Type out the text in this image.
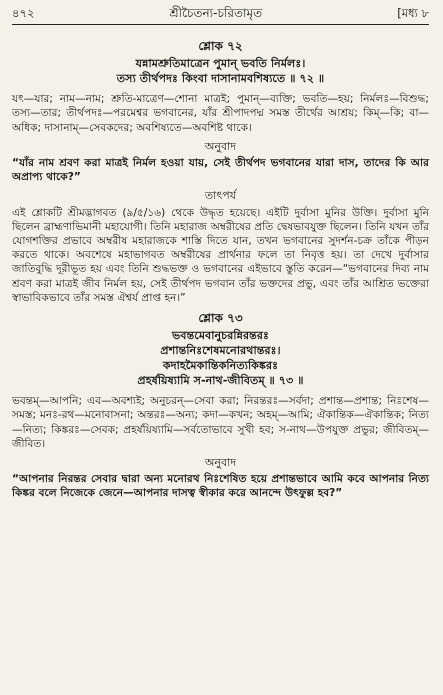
৪৭২	শ্রীচৈতন্য-চরিতামৃত	[মধ্য ৮
শ্লোক ৭২
যন্নামশ্রুতিমাত্রেন পুমান্‌ ভবতি নির্মলঃ।
তস্য তীর্থপদঃ কিংবা দাসানামবশিষ্যতে ॥ ৭২ ॥

যৎ—যার; নাম—নাম; শ্রুতি-মাত্রেণ—শোনা মাত্রই; পুমান্‌—ব্যক্তি; ভবতি—হয়; নির্মলঃ—বিশুদ্ধ; তস্য—তার; তীর্থপদঃ—পরমেশ্বর ভগবানের, যাঁর শ্রীপাদপদ্ম সমস্ত তীর্থের আশ্রয়; কিম্‌—কি; বা—অধিক; দাসানাম্‌—সেবকদের; অবশিষ্যতে—অবশিষ্ট থাকে।

অনুবাদ

“যাঁর নাম শ্রবণ করা মাত্রই নির্মল হওয়া যায়, সেই তীর্থপদ ভগবানের যারা দাস, তাদের কি আর অপ্রাপ্য থাকে?”

তাৎপর্য

এই শ্লোকটি শ্রীমদ্ভাগবত (৯/৫/১৬) থেকে উদ্ধৃত হয়েছে। এইটি দুর্বাসা মুনির উক্তি। দুর্বাসা মুনি ছিলেন ব্রাহ্মণাভিমানী মহাযোগী। তিনি মহারাজ অম্বরীষের প্রতি দ্বেষভাবযুক্ত ছিলেন। তিনি যখন তাঁর যোগশক্তির প্রভাবে অম্বরীষ মহারাজকে শাস্তি দিতে যান, তখন ভগবানের সুদর্শন-চক্র তাঁকে পীড়ন করতে থাকে। অবশেষে মহাভাগবত অম্বরীষের প্রার্থনার ফলে তা নিবৃত্ত হয়। তা দেখে দুর্বাসার জাতিবুদ্ধি দূরীভূত হয় এবং তিনি শুদ্ধভক্ত ও ভগবানের এইভাবে স্তুতি করেন—“ভগবানের দিব্য নাম শ্রবণ করা মাত্রই জীব নির্মল হয়, সেই তীর্থপদ ভগবান তাঁর ভক্তদের প্রভু, এবং তাঁর আশ্রিত ভক্তেরা স্বাভাবিকভাবে তাঁর সমস্ত ঐশ্বর্য প্রাপ্ত হন।”

শ্লোক ৭৩
ভবন্তমেবানুচরন্নিরন্তরঃ
প্রশান্তনিঃশেষমনোরথান্তরঃ।
কদাহমৈকান্তিকনিত্যকিঙ্করঃ
প্রহর্ষয়িষ্যামি স-নাথ-জীবিতম্‌ ॥ ৭৩ ॥

ভবন্তম্‌—আপনি; এব—অবশ্যই; অনুচরন্‌—সেবা করা; নিরন্তরঃ—সর্বদা; প্রশান্ত—প্রশান্ত; নিঃশেষ—সমস্ত; মনঃ-রথ—মনোবাসনা; অন্তরঃ—অন্য; কদা—কখন; অহম্‌—আমি; ঐকান্তিক—ঐকান্তিক; নিত্য—নিত্য; কিঙ্করঃ—সেবক; প্রহর্ষয়িষ্যামি—সর্বতোভাবে সুখী হব; স-নাথ—উপযুক্ত প্রভুর; জীবিতম্‌—জীবিত।

অনুবাদ

“আপনার নিরন্তর সেবার দ্বারা অন্য মনোরথ নিঃশেষিত হয়ে প্রশান্তভাবে আমি কবে আপনার নিত্য কিঙ্কর বলে নিজেকে জেনে—আপনার দাসত্ব স্বীকার করে আনন্দে উৎফুল্ল হব?”
